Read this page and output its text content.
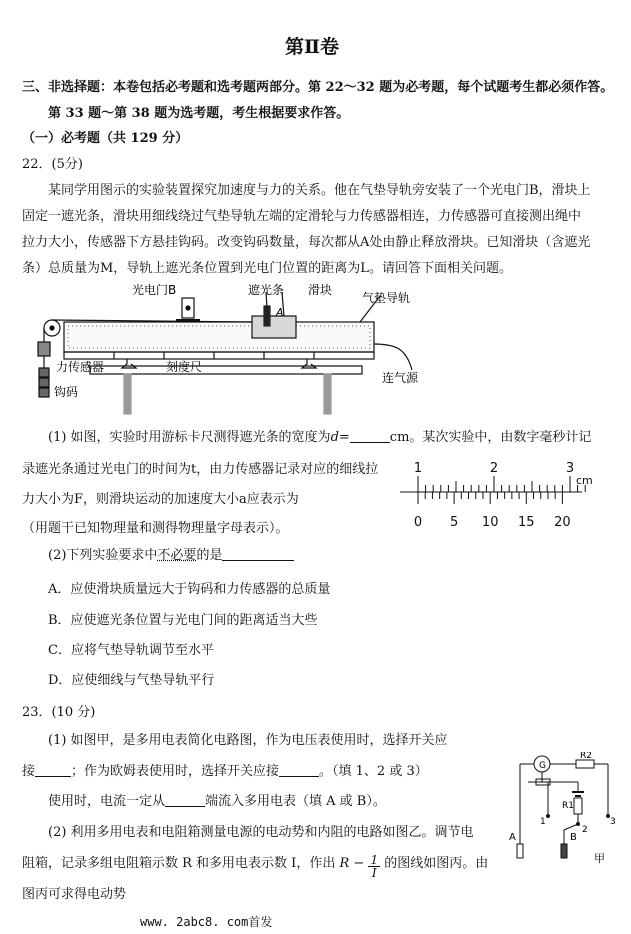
第Ⅱ卷
三、非选择题：本卷包括必考题和选考题两部分。第 22～32 题为必考题，每个试题考生都必须作答。
第 33 题～第 38 题为选考题，考生根据要求作答。
（一）必考题（共 129 分）
22．(5分)
某同学用图示的实验装置探究加速度与力的关系。他在气垫导轨旁安装了一个光电门B，滑块上
固定一遮光条，滑块用细线绕过气垫导轨左端的定滑轮与力传感器相连，力传感器可直接测出绳中
拉力大小，传感器下方悬挂钩码。改变钩码数量，每次都从A处由静止释放滑块。已知滑块（含遮光
条）总质量为M，导轨上遮光条位置到光电门位置的距离为L。请回答下面相关问题。
光电门B	遮光条 滑块
气垫导轨
A
力传感器	刻度尺
钩码
连气源
(1) 如图，实验时用游标卡尺测得遮光条的宽度为d=	cm。某次实验中，由数字毫秒计记
录遮光条通过光电门的时间为t，由力传感器记录对应的细线拉
力大小为F，则滑块运动的加速度大小a应表示为
（用题干已知物理量和测得物理量字母表示）。
1	2	3
cm
0 5 10 15 20
(2)下列实验要求中不必要的是
A．应使滑块质量远大于钩码和力传感器的总质量
B．应使遮光条位置与光电门间的距离适当大些
C．应将气垫导轨调节至水平
D．应使细线与气垫导轨平行
23．(10 分)
(1) 如图甲，是多用电表简化电路图，作为电压表使用时，选择开关应
接	；作为欧姆表使用时，选择开关应接	。（填 1、2 或 3）
使用时，电流一定从	端流入多用电表（填 A 或 B）。
(2) 利用多用电表和电阻箱测量电源的电动势和内阻的电路如图乙。调节电
阻箱，记录多组电阻箱示数 R 和多用电表示数 I，作出 $R - \frac{1}{I}$ 的图线如图丙。由
图丙可求得电动势
G
R2
R1
1
2
3
A	B
甲
www. 2abc8. com首发
